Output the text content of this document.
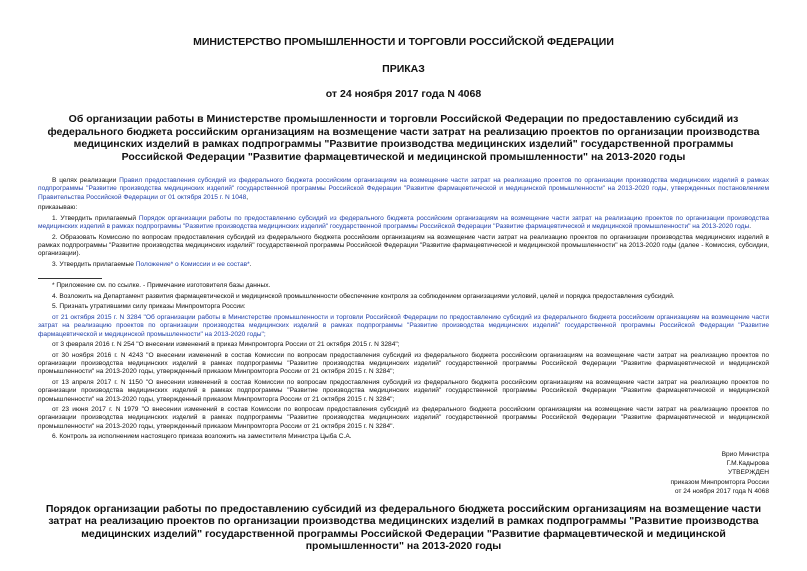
МИНИСТЕРСТВО ПРОМЫШЛЕННОСТИ И ТОРГОВЛИ РОССИЙСКОЙ ФЕДЕРАЦИИ
ПРИКАЗ
от 24 ноября 2017 года N 4068
Об организации работы в Министерстве промышленности и торговли Российской Федерации по предоставлению субсидий из федерального бюджета российским организациям на возмещение части затрат на реализацию проектов по организации производства медицинских изделий в рамках подпрограммы "Развитие производства медицинских изделий" государственной программы Российской Федерации "Развитие фармацевтической и медицинской промышленности" на 2013-2020 годы

В целях реализации Правил предоставления субсидий из федерального бюджета российским организациям на возмещение части затрат на реализацию проектов по организации производства медицинских изделий в рамках подпрограммы "Развитие производства медицинских изделий" государственной программы Российской Федерации "Развитие фармацевтической и медицинской промышленности" на 2013-2020 годы, утвержденных постановлением Правительства Российской Федерации от 01 октября 2015 г. N 1048,

приказываю:

1. Утвердить прилагаемый Порядок организации работы по предоставлению субсидий из федерального бюджета российским организациям на возмещение части затрат на реализацию проектов по организации производства медицинских изделий в рамках подпрограммы "Развитие производства медицинских изделий" государственной программы Российской Федерации "Развитие фармацевтической и медицинской промышленности" на 2013-2020 годы.

2. Образовать Комиссию по вопросам предоставления субсидий из федерального бюджета российским организациям на возмещение части затрат на реализацию проектов по организации производства медицинских изделий в рамках подпрограммы "Развитие производства медицинских изделий" государственной программы Российской Федерации "Развитие фармацевтической и медицинской промышленности" на 2013-2020 годы (далее - Комиссия, субсидии, организации).

3. Утвердить прилагаемые Положение* о Комиссии и ее состав*.

* Приложение см. по ссылке. - Примечание изготовителя базы данных.

4. Возложить на Департамент развития фармацевтической и медицинской промышленности обеспечение контроля за соблюдением организациями условий, целей и порядка предоставления субсидий.

5. Признать утратившими силу приказы Минпромторга России:

от 21 октября 2015 г. N 3284 "Об организации работы в Министерстве промышленности и торговли Российской Федерации по предоставлению субсидий из федерального бюджета российским организациям на возмещение части затрат на реализацию проектов по организации производства медицинских изделий в рамках подпрограммы "Развитие производства медицинских изделий" государственной программы Российской Федерации "Развитие фармацевтической и медицинской промышленности" на 2013-2020 годы";

от 3 февраля 2016 г. N 254 "О внесении изменений в приказ Минпромторга России от 21 октября 2015 г. N 3284";

от 30 ноября 2016 г. N 4243 "О внесении изменений в состав Комиссии по вопросам предоставления субсидий из федерального бюджета российским организациям на возмещение части затрат на реализацию проектов по организации производства медицинских изделий в рамках подпрограммы "Развитие производства медицинских изделий" государственной программы Российской Федерации "Развитие фармацевтической и медицинской промышленности" на 2013-2020 годы, утвержденный приказом Минпромторга России от 21 октября 2015 г. N 3284";

от 13 апреля 2017 г. N 1150 "О внесении изменений в состав Комиссии по вопросам предоставления субсидий из федерального бюджета российским организациям на возмещение части затрат на реализацию проектов по организации производства медицинских изделий в рамках подпрограммы "Развитие производства медицинских изделий" государственной программы Российской Федерации "Развитие фармацевтической и медицинской промышленности" на 2013-2020 годы, утвержденный приказом Минпромторга России от 21 октября 2015 г. N 3284";

от 23 июня 2017 г. N 1979 "О внесении изменений в состав Комиссии по вопросам предоставления субсидий из федерального бюджета российским организациям на возмещение части затрат на реализацию проектов по организации производства медицинских изделий в рамках подпрограммы "Развитие производства медицинских изделий" государственной программы Российской Федерации "Развитие фармацевтической и медицинской промышленности" на 2013-2020 годы, утвержденный приказом Минпромторга России от 21 октября 2015 г. N 3284".

6. Контроль за исполнением настоящего приказа возложить на заместителя Министра Цыба С.А.

Врио Министра
Г.М.Кадырова
УТВЕРЖДЕН
приказом Минпромторга России
от 24 ноября 2017 года N 4068
Порядок организации работы по предоставлению субсидий из федерального бюджета российским организациям на возмещение части затрат на реализацию проектов по организации производства медицинских изделий в рамках подпрограммы "Развитие производства медицинских изделий" государственной программы Российской Федерации "Развитие фармацевтической и медицинской промышленности" на 2013-2020 годы
